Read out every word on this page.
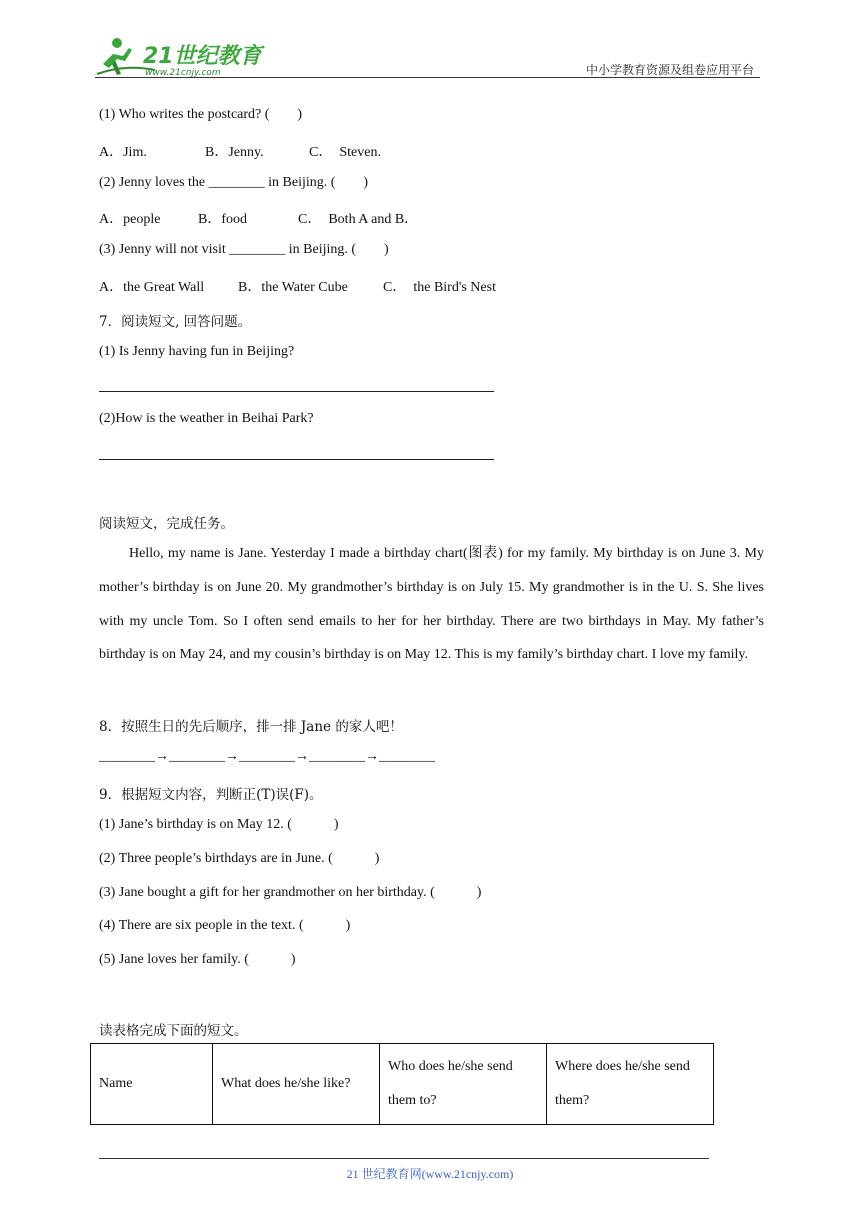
21世纪教育
www.21cnjy.com	中小学教育资源及组卷应用平台
(1) Who writes the postcard? (        )
A．Jim.	B．Jenny.	C．  Steven.
(2) Jenny loves the ________ in Beijing. (        )
A．people	B．food	C．  Both A and B．
(3) Jenny will not visit ________ in Beijing. (        )
A．the Great Wall B．the Water Cube	C．  the Bird's Nest
7．阅读短文, 回答问题。
(1) Is Jenny having fun in Beijing?
(2)How is the weather in Beihai Park?
阅读短文，完成任务。
Hello, my name is Jane. Yesterday I made a birthday chart(图表) for my family. My birthday is on June 3. My mother’s birthday is on June 20. My grandmother’s birthday is on July 15. My grandmother is in the U. S. She lives with my uncle Tom. So I often send emails to her for her birthday. There are two birthdays in May. My father’s birthday is on May 24, and my cousin’s birthday is on May 12. This is my family’s birthday chart. I love my family.
8．按照生日的先后顺序，排一排 Jane 的家人吧！
________→________→________→________→________
9．根据短文内容，判断正(T)误(F)。
(1) Jane’s birthday is on May 12. (            )
(2) Three people’s birthdays are in June. (            )
(3) Jane bought a gift for her grandmother on her birthday. (            )
(4) There are six people in the text. (            )
(5) Jane loves her family. (            )
读表格完成下面的短文。
Name	What does he/she like?	Who does he/she send them to?	Where does he/she send them?
21 世纪教育网(www.21cnjy.com)
